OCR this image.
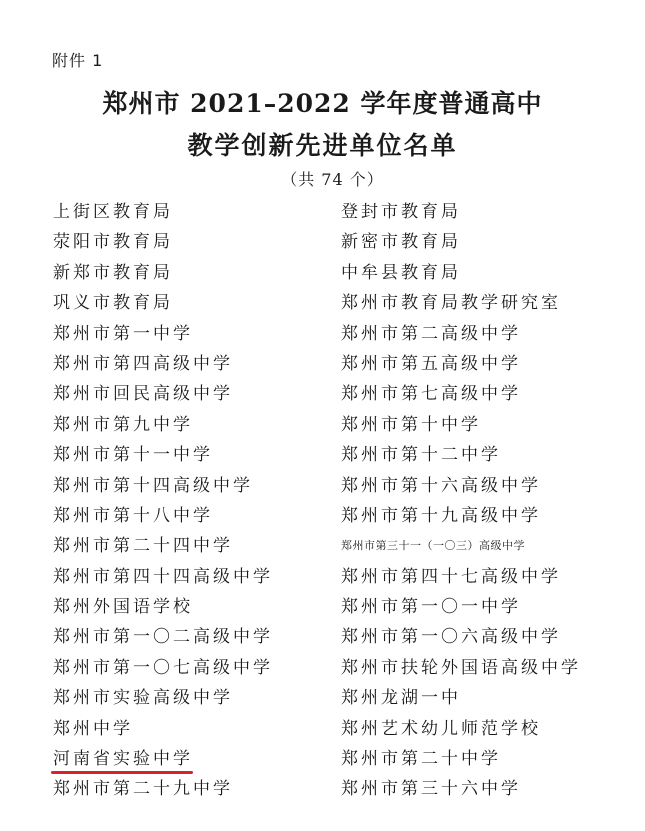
附件 1
郑州市 2021–2022 学年度普通高中
教学创新先进单位名单
（共 74 个）
上街区教育局
荥阳市教育局
新郑市教育局
巩义市教育局
郑州市第一中学
郑州市第四高级中学
郑州市回民高级中学
郑州市第九中学
郑州市第十一中学
郑州市第十四高级中学
郑州市第十八中学
郑州市第二十四中学
郑州市第四十四高级中学
郑州外国语学校
郑州市第一〇二高级中学
郑州市第一〇七高级中学
郑州市实验高级中学
郑州中学
河南省实验中学
郑州市第二十九中学
登封市教育局
新密市教育局
中牟县教育局
郑州市教育局教学研究室
郑州市第二高级中学
郑州市第五高级中学
郑州市第七高级中学
郑州市第十中学
郑州市第十二中学
郑州市第十六高级中学
郑州市第十九高级中学
郑州市第三十一（一〇三）高级中学
郑州市第四十七高级中学
郑州市第一〇一中学
郑州市第一〇六高级中学
郑州市扶轮外国语高级中学
郑州龙湖一中
郑州艺术幼儿师范学校
郑州市第二十中学
郑州市第三十六中学
